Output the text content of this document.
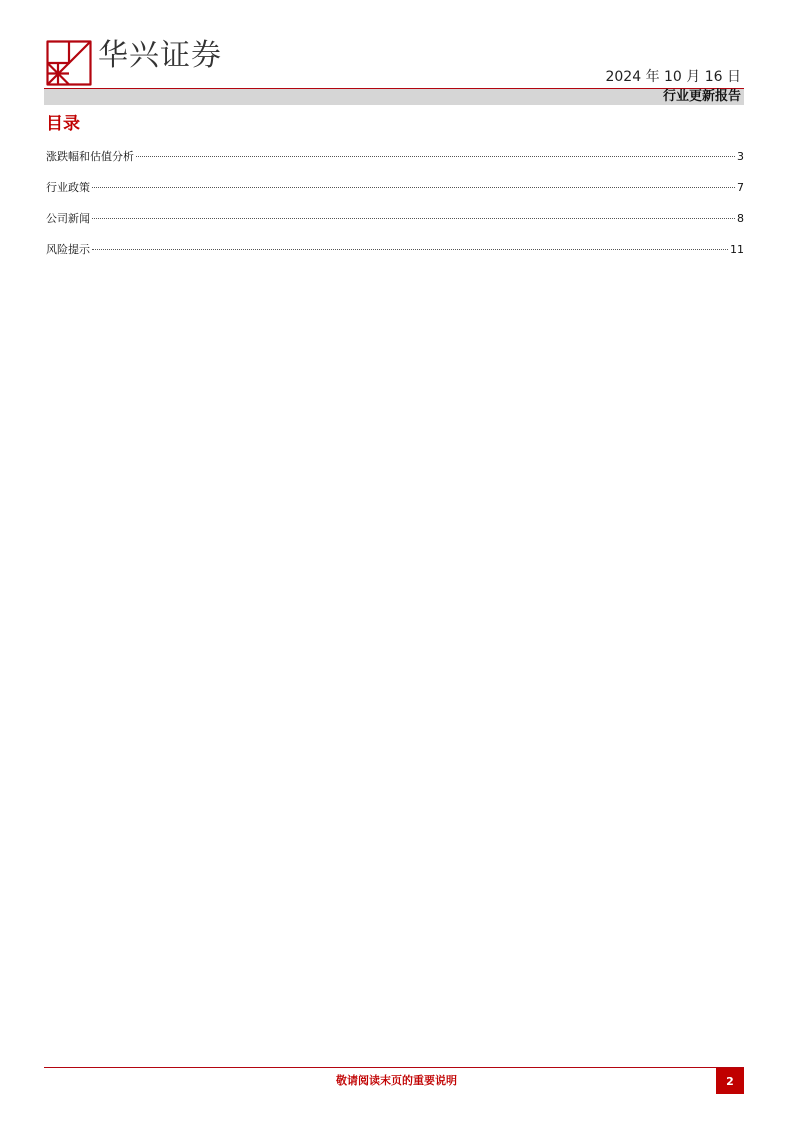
华兴证券
2024 年 10 月 16 日
行业更新报告
目录
涨跌幅和估值分析	3
行业政策	7
公司新闻	8
风险提示	11
敬请阅读末页的重要说明	2
